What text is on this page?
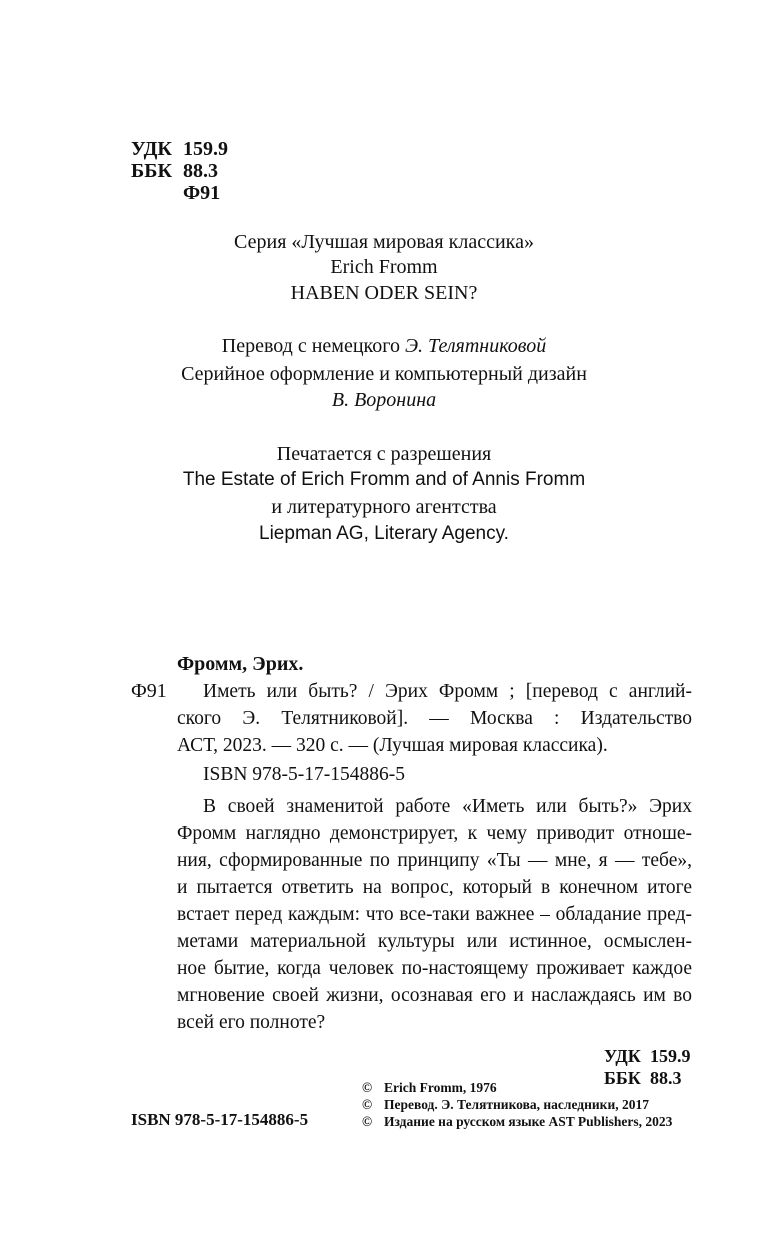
УДК 159.9
ББК 88.3
Ф91
Серия «Лучшая мировая классика»
Erich Fromm
HABEN ODER SEIN?
Перевод с немецкого Э. Телятниковой
Серийное оформление и компьютерный дизайн
В. Воронина
Печатается с разрешения
The Estate of Erich Fromm and of Annis Fromm
и литературного агентства
Liepman AG, Literary Agency.
Фромм, Эрих.
Ф91 Иметь или быть? / Эрих Фромм ; [перевод с англий-
ского Э. Телятниковой]. — Москва : Издательство
АСТ, 2023. — 320 с. — (Лучшая мировая классика).
ISBN 978-5-17-154886-5
В своей знаменитой работе «Иметь или быть?» Эрих
Фромм наглядно демонстрирует, к чему приводит отноше-
ния, сформированные по принципу «Ты — мне, я — тебе»,
и пытается ответить на вопрос, который в конечном итоге
встает перед каждым: что все-таки важнее – обладание пред-
метами материальной культуры или истинное, осмыслен-
ное бытие, когда человек по-настоящему проживает каждое
мгновение своей жизни, осознавая его и наслаждаясь им во
всей его полноте?
УДК 159.9
ББК 88.3
© Erich Fromm, 1976
© Перевод. Э. Телятникова, наследники, 2017
© Издание на русском языке AST Publishers, 2023
ISBN 978-5-17-154886-5
